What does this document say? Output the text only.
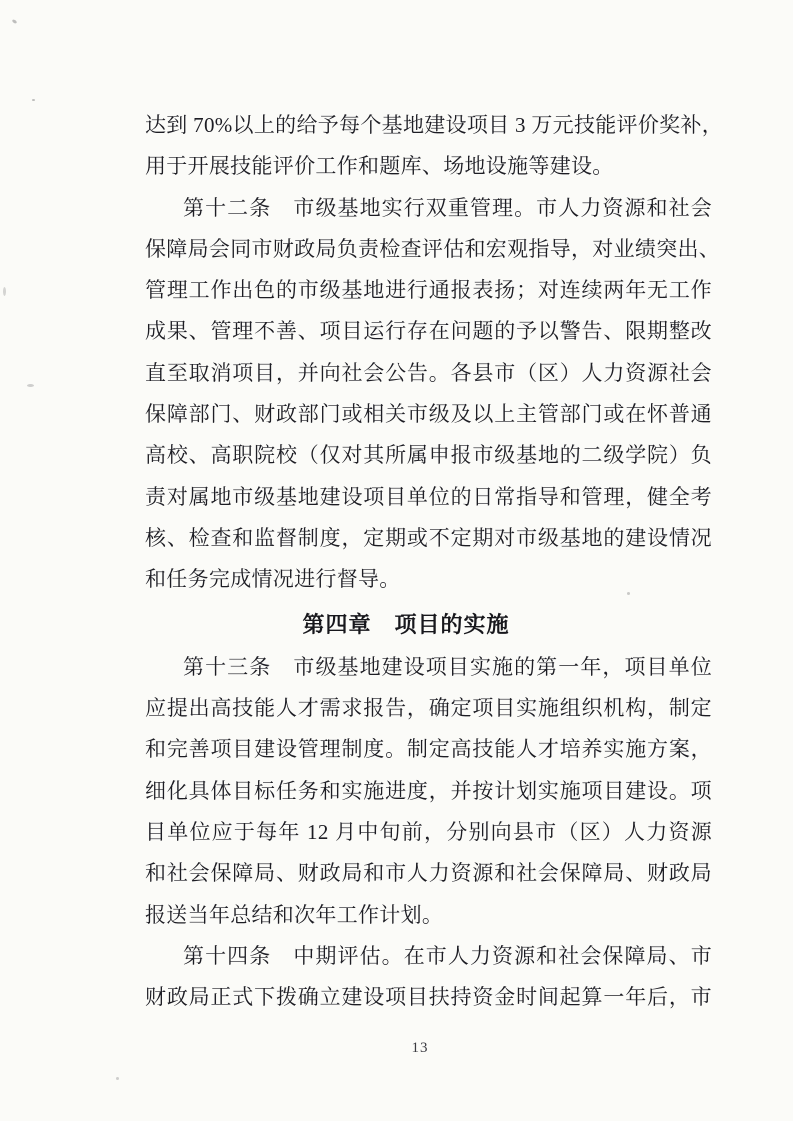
达到 70%以上的给予每个基地建设项目 3 万元技能评价奖补，
用于开展技能评价工作和题库、场地设施等建设。
第十二条　市级基地实行双重管理。市人力资源和社会
保障局会同市财政局负责检查评估和宏观指导，对业绩突出、
管理工作出色的市级基地进行通报表扬；对连续两年无工作
成果、管理不善、项目运行存在问题的予以警告、限期整改
直至取消项目，并向社会公告。各县市（区）人力资源社会
保障部门、财政部门或相关市级及以上主管部门或在怀普通
高校、高职院校（仅对其所属申报市级基地的二级学院）负
责对属地市级基地建设项目单位的日常指导和管理，健全考
核、检查和监督制度，定期或不定期对市级基地的建设情况
和任务完成情况进行督导。
第四章　项目的实施
第十三条　市级基地建设项目实施的第一年，项目单位
应提出高技能人才需求报告，确定项目实施组织机构，制定
和完善项目建设管理制度。制定高技能人才培养实施方案，
细化具体目标任务和实施进度，并按计划实施项目建设。项
目单位应于每年 12 月中旬前，分别向县市（区）人力资源
和社会保障局、财政局和市人力资源和社会保障局、财政局
报送当年总结和次年工作计划。
第十四条　中期评估。在市人力资源和社会保障局、市
财政局正式下拨确立建设项目扶持资金时间起算一年后，市
13
